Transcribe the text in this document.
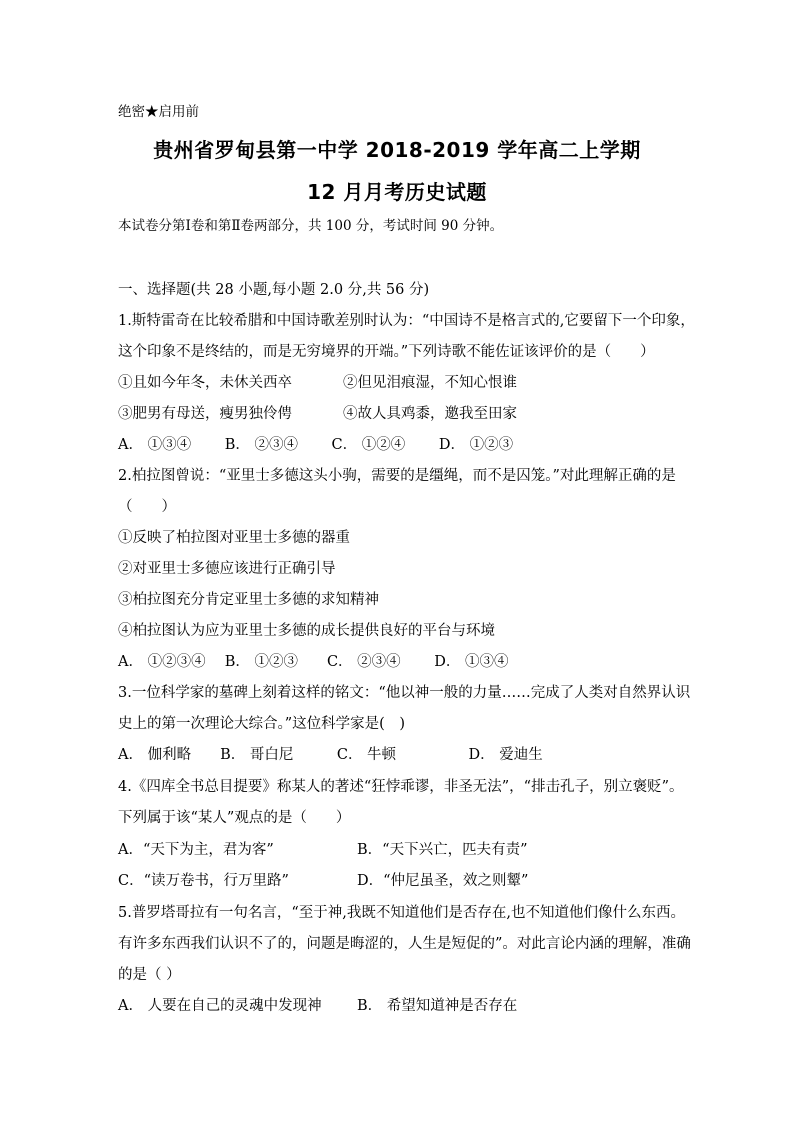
绝密★启用前
贵州省罗甸县第一中学 2018-2019 学年高二上学期
12 月月考历史试题
本试卷分第Ⅰ卷和第Ⅱ卷两部分，共 100 分，考试时间 90 分钟。
一、选择题(共 28 小题,每小题 2.0 分,共 56 分)
1.斯特雷奇在比较希腊和中国诗歌差别时认为：“中国诗不是格言式的,它要留下一个印象，
这个印象不是终结的，而是无穷境界的开端。”下列诗歌不能佐证该评价的是（　　）
①且如今年冬，未休关西卒	②但见泪痕湿，不知心恨谁
③肥男有母送，瘦男独伶俜	④故人具鸡黍，邀我至田家
A． ①③④　　 B． ②③④　　 C． ①②④　　 D． ①②③
2.柏拉图曾说：“亚里士多德这头小驹，需要的是缰绳，而不是囚笼。”对此理解正确的是
（　　）
①反映了柏拉图对亚里士多德的器重
②对亚里士多德应该进行正确引导
③柏拉图充分肯定亚里士多德的求知精神
④柏拉图认为应为亚里士多德的成长提供良好的平台与环境
A． ①②③④　 B． ①②③　　C． ②③④　　 D． ①③④
3.一位科学家的墓碑上刻着这样的铭文：“他以神一般的力量……完成了人类对自然界认识
史上的第一次理论大综合。”这位科学家是(　)
A． 伽利略　　B． 哥白尼　　　C． 牛顿　　　　　D． 爱迪生
4.《四库全书总目提要》称某人的著述“狂悖乖谬，非圣无法”，“排击孔子，别立褒贬”。
下列属于该“某人”观点的是（　　）
A．“天下为主，君为客”	B．“天下兴亡，匹夫有责”
C．“读万卷书，行万里路”	D．“仲尼虽圣，效之则颦”
5.普罗塔哥拉有一句名言，“至于神,我既不知道他们是否存在,也不知道他们像什么东西。
有许多东西我们认识不了的，问题是晦涩的，人生是短促的”。对此言论内涵的理解，准确
的是（ ）
A． 人要在自己的灵魂中发现神 B． 希望知道神是否存在
